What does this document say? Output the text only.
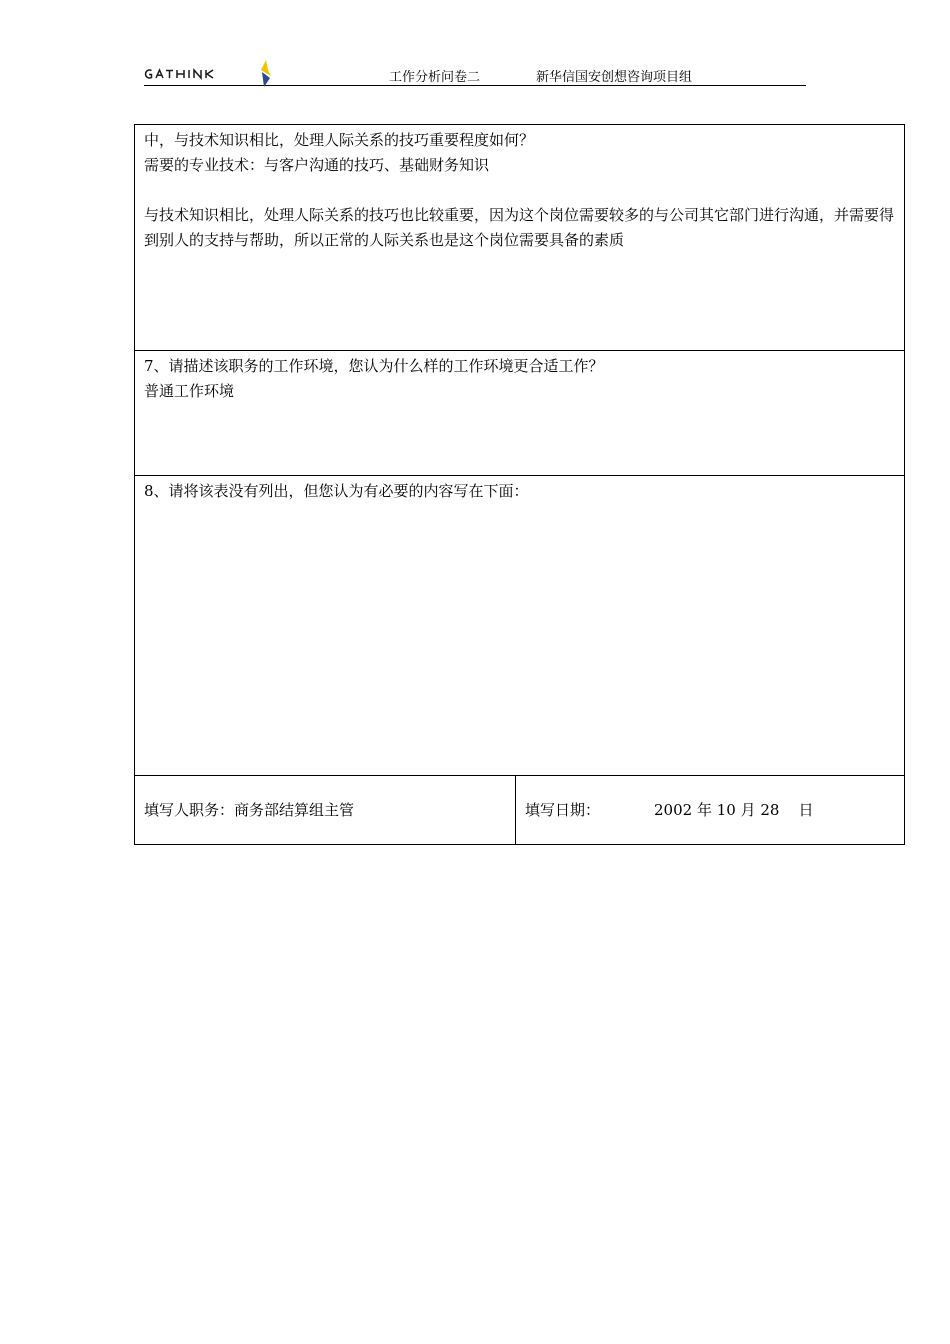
工作分析问卷二	新华信国安创想咨询项目组

中，与技术知识相比，处理人际关系的技巧重要程度如何？

需要的专业技术：与客户沟通的技巧、基础财务知识

与技术知识相比，处理人际关系的技巧也比较重要，因为这个岗位需要较多的与公司其它部门进行沟通，并需要得到别人的支持与帮助，所以正常的人际关系也是这个岗位需要具备的素质

7、请描述该职务的工作环境，您认为什么样的工作环境更合适工作？

普通工作环境

8、请将该表没有列出，但您认为有必要的内容写在下面：

填写人职务：商务部结算组主管	填写日期：	2002 年 10 月 28    日
